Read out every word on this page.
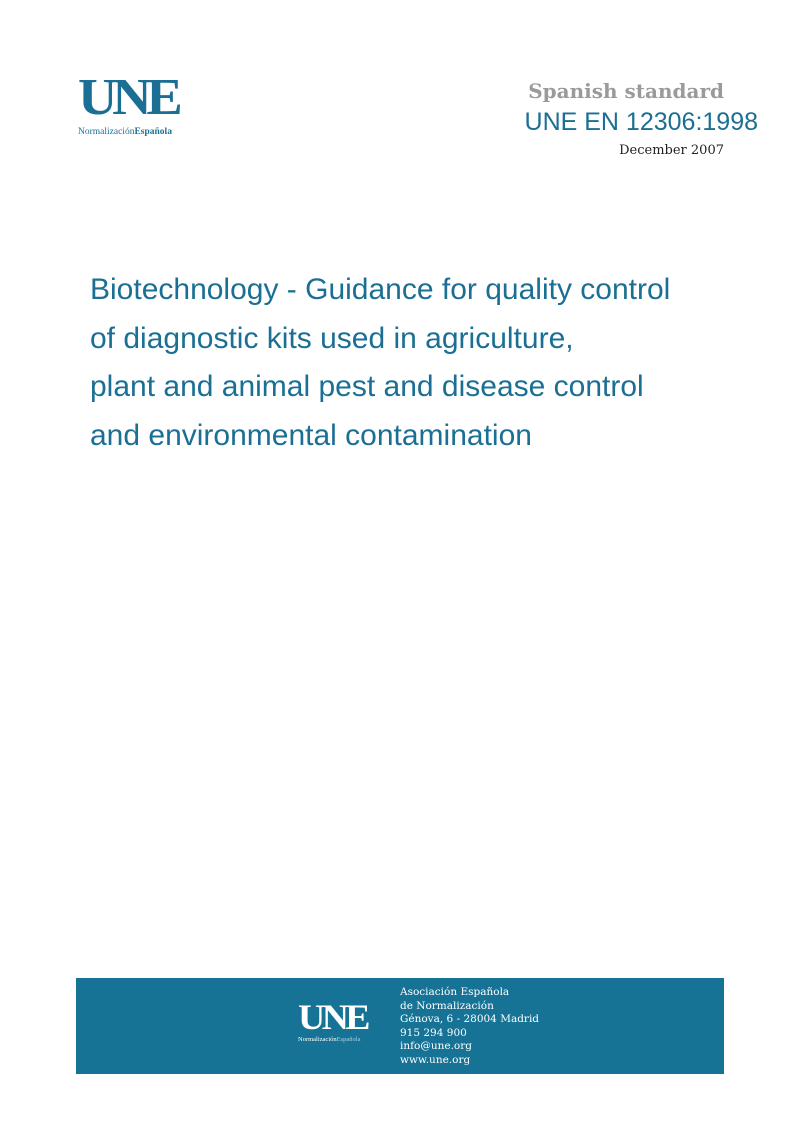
UNE
NormalizaciónEspañola
Spanish standard
UNE EN 12306:1998
December 2007
Biotechnology - Guidance for quality control
of diagnostic kits used in agriculture,
plant and animal pest and disease control
and environmental contamination
UNE
NormalizaciónEspañola
Asociación Española
de Normalización
Génova, 6 - 28004 Madrid
915 294 900
info@une.org
www.une.org
